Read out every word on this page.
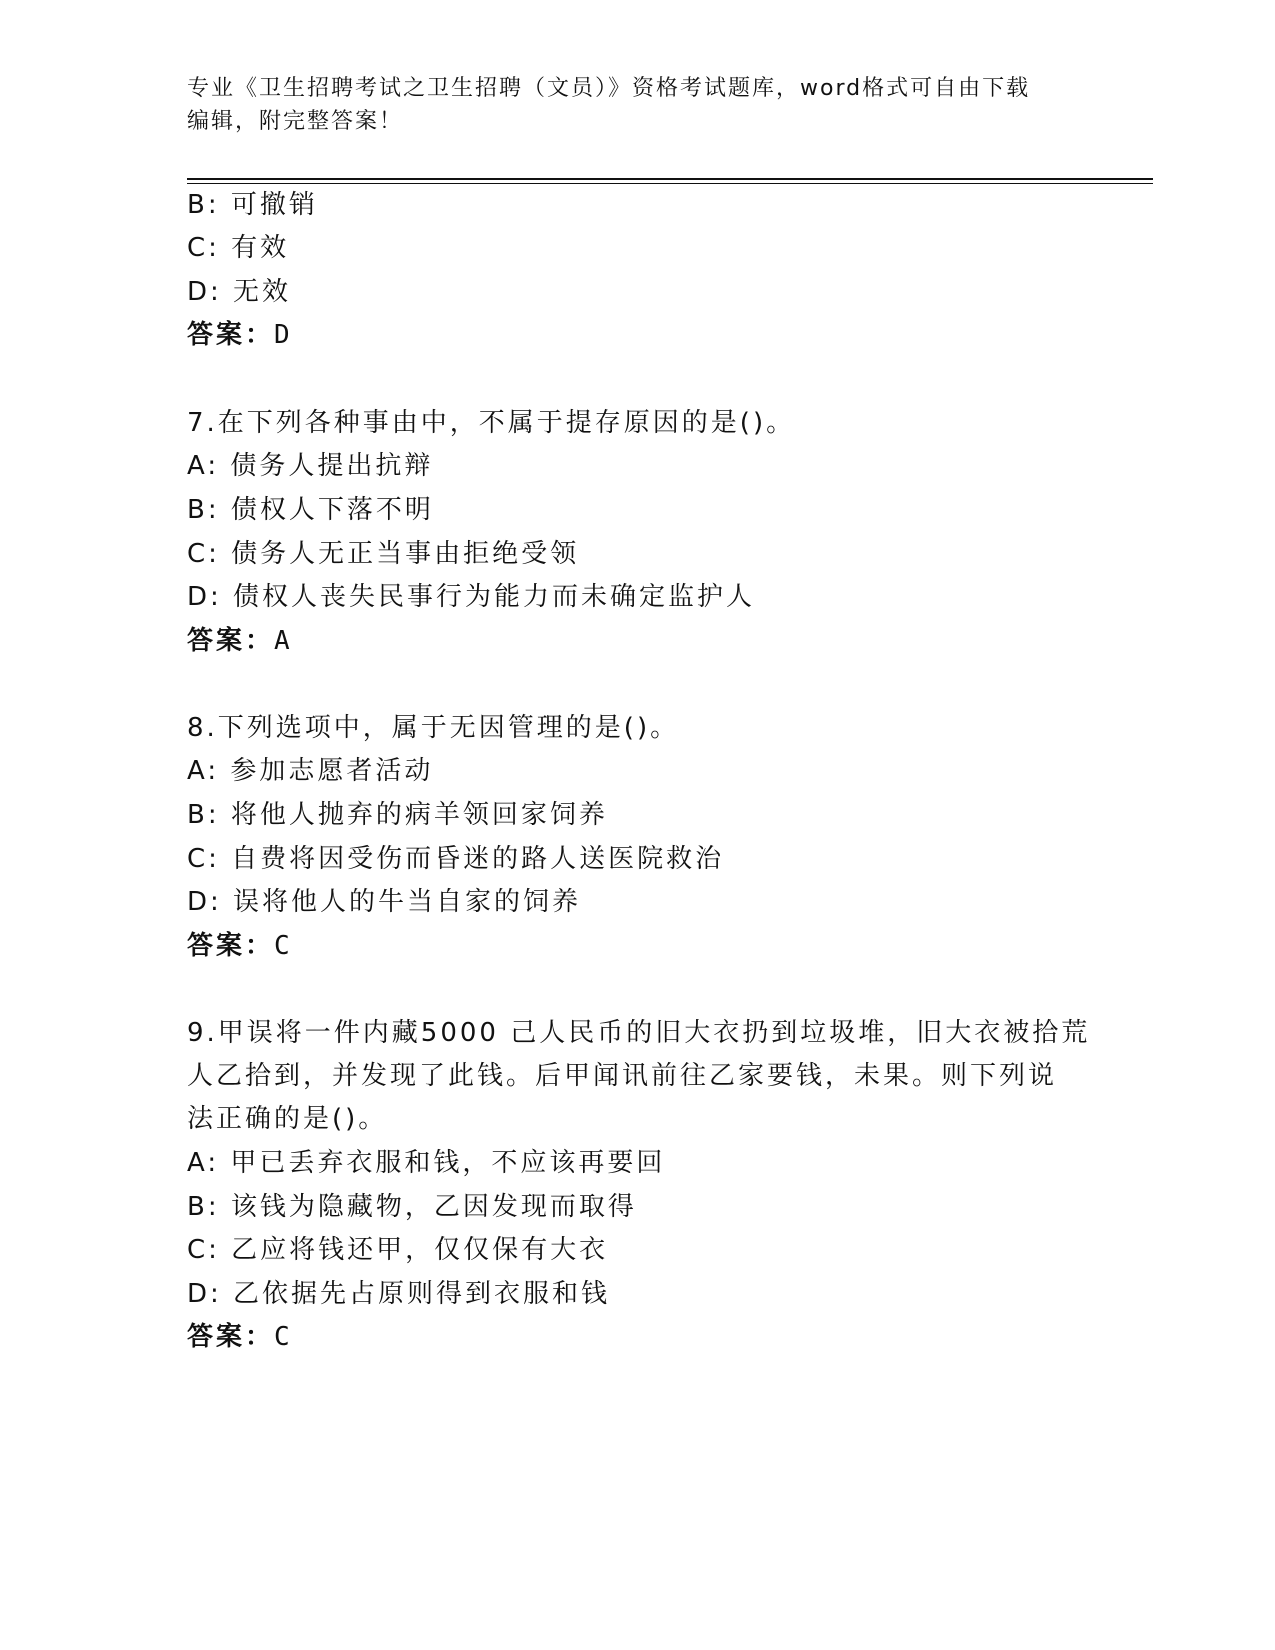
专业《卫生招聘考试之卫生招聘（文员）》资格考试题库，word格式可自由下载
编辑，附完整答案！
B: 可撤销
C: 有效
D: 无效
答案：D
7.在下列各种事由中，不属于提存原因的是()。
A: 债务人提出抗辩
B: 债权人下落不明
C: 债务人无正当事由拒绝受领
D: 债权人丧失民事行为能力而未确定监护人
答案：A
8.下列选项中，属于无因管理的是()。
A: 参加志愿者活动
B: 将他人抛弃的病羊领回家饲养
C: 自费将因受伤而昏迷的路人送医院救治
D: 误将他人的牛当自家的饲养
答案：C
9.甲误将一件内藏5000 己人民币的旧大衣扔到垃圾堆，旧大衣被拾荒
人乙拾到，并发现了此钱。后甲闻讯前往乙家要钱，未果。则下列说
法正确的是()。
A: 甲已丢弃衣服和钱，不应该再要回
B: 该钱为隐藏物，乙因发现而取得
C: 乙应将钱还甲，仅仅保有大衣
D: 乙依据先占原则得到衣服和钱
答案：C
